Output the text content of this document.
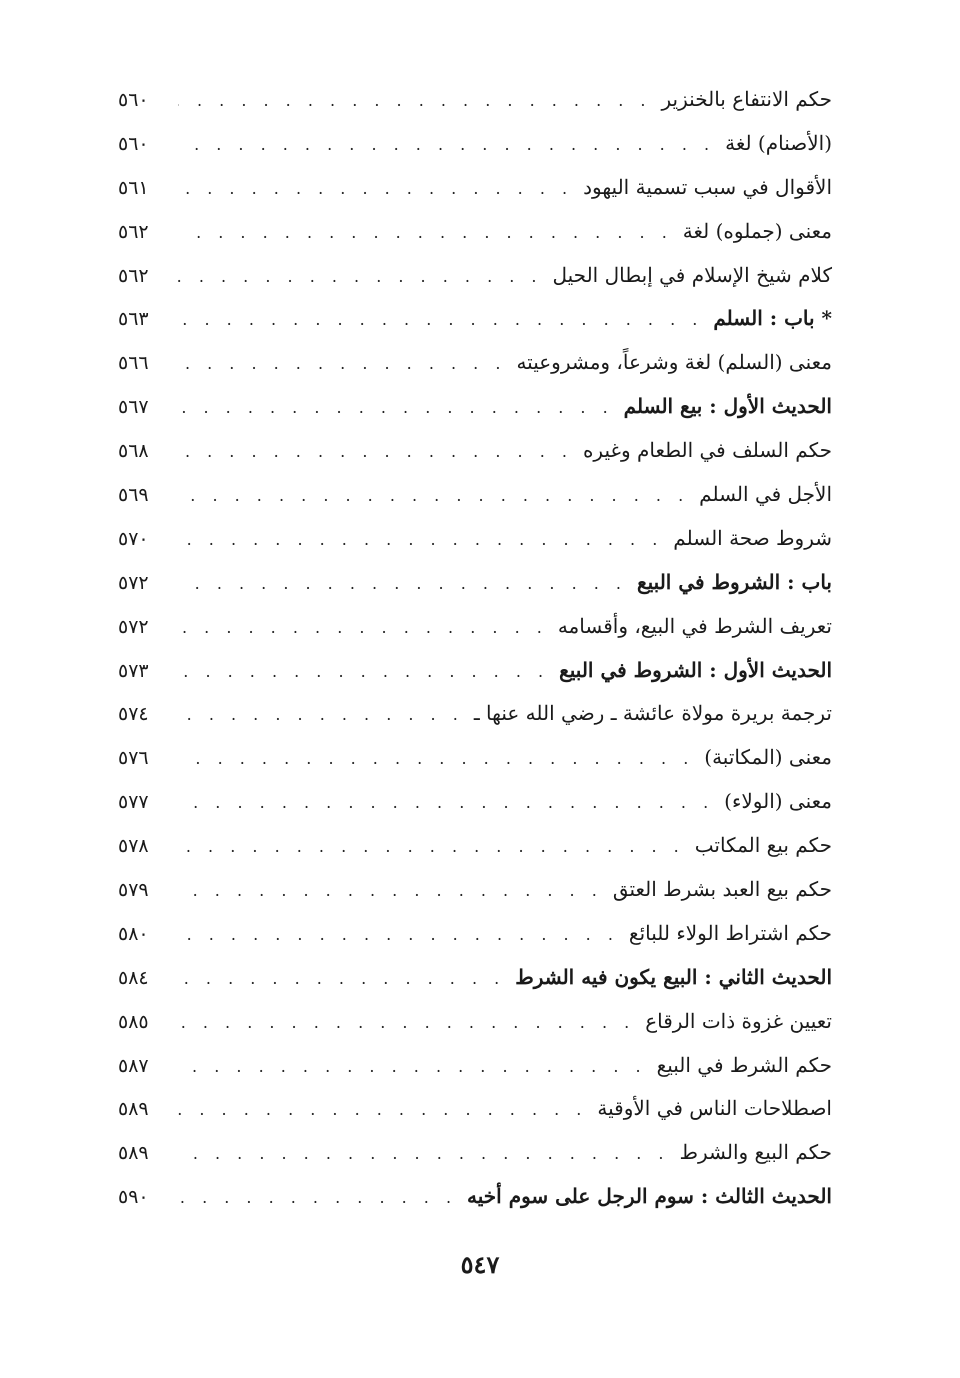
حكم الانتفاع بالخنزير
. . .
٥٦٠
(الأصنام) لغة
. . .
٥٦٠
الأقوال في سبب تسمية اليهود
. . .
٥٦١
معنى (جملوه) لغة
. . .
٥٦٢
كلام شيخ الإسلام في إبطال الحيل
. . .
٥٦٢
* باب : السلم
. . .
٥٦٣
معنى (السلم) لغة وشرعاً، ومشروعيته
. . .
٥٦٦
الحديث الأول : بيع السلم
. . .
٥٦٧
حكم السلف في الطعام وغيره
. . .
٥٦٨
الأجل في السلم
. . .
٥٦٩
شروط صحة السلم
. . .
٥٧٠
باب : الشروط في البيع
. . .
٥٧٢
تعريف الشرط في البيع، وأقسامه
. . .
٥٧٢
الحديث الأول : الشروط في البيع
. . .
٥٧٣
ترجمة بريرة مولاة عائشة ـ رضي الله عنها ـ
. . .
٥٧٤
معنى (المكاتبة)
. . .
٥٧٦
معنى (الولاء)
. . .
٥٧٧
حكم بيع المكاتب
. . .
٥٧٨
حكم بيع العبد بشرط العتق
. . .
٥٧٩
حكم اشتراط الولاء للبائع
. . .
٥٨٠
الحديث الثاني : البيع يكون فيه الشرط
. . .
٥٨٤
تعيين غزوة ذات الرقاع
. . .
٥٨٥
حكم الشرط في البيع
. . .
٥٨٧
اصطلاحات الناس في الأوقية
. . .
٥٨٩
حكم البيع والشرط
. . .
٥٨٩
الحديث الثالث : سوم الرجل على سوم أخيه
. . .
٥٩٠
٥٤٧
